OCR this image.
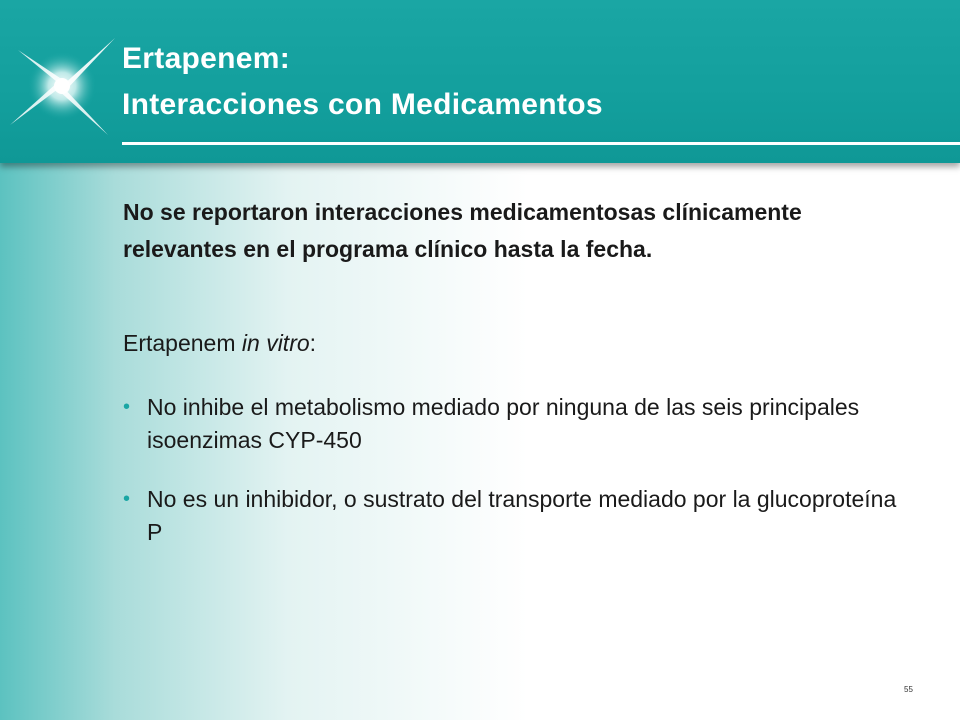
Ertapenem:
Interacciones con Medicamentos
No se reportaron interacciones medicamentosas clínicamente relevantes en el programa clínico hasta la fecha.
Ertapenem in vitro:
• No inhibe el metabolismo mediado por ninguna de las seis principales isoenzimas CYP-450
• No es un inhibidor, o sustrato del transporte mediado por la glucoproteína P
55
